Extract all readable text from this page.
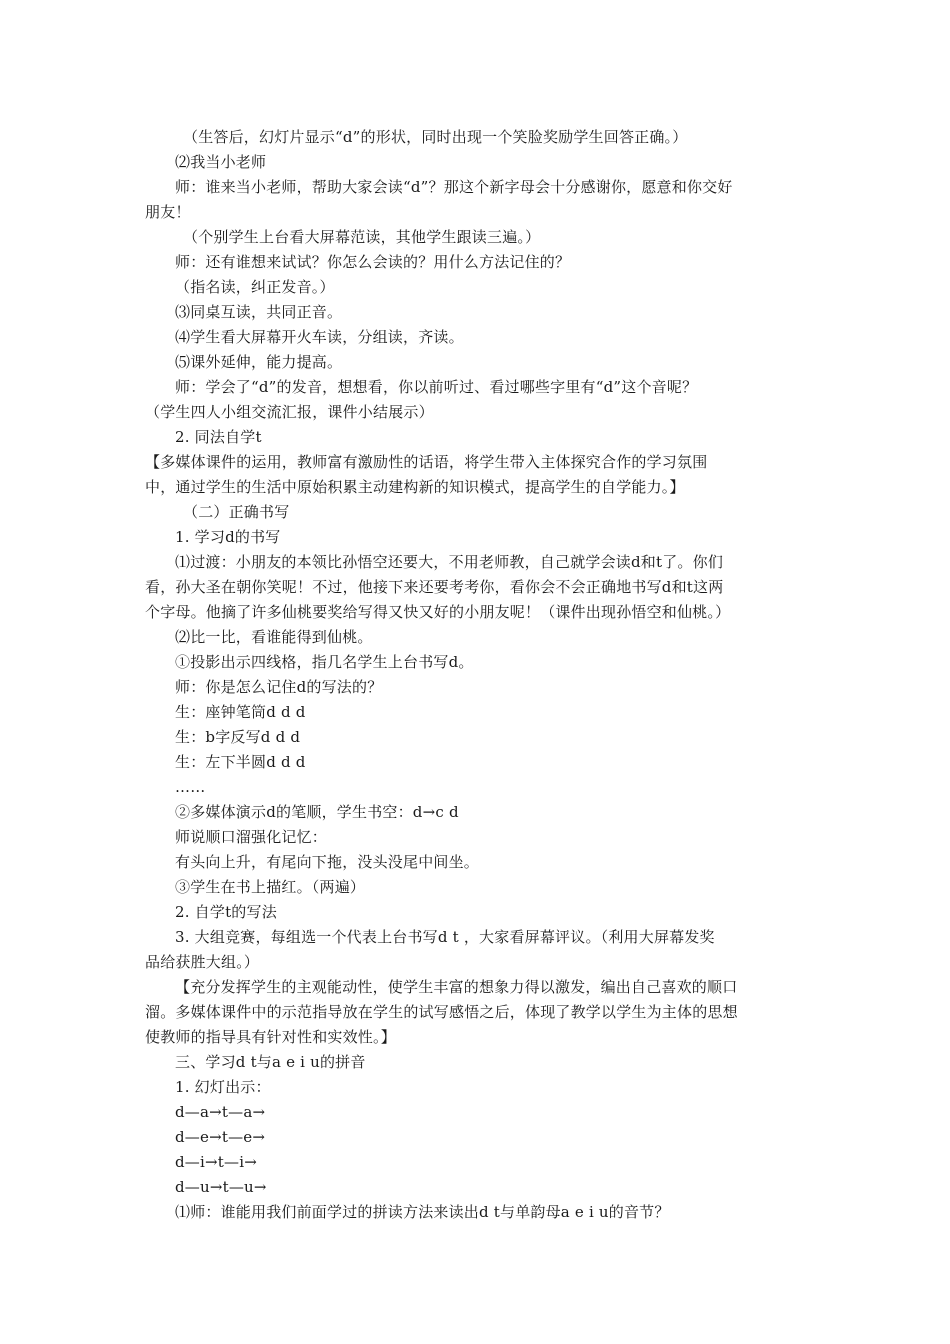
（生答后，幻灯片显示“d”的形状，同时出现一个笑脸奖励学生回答正确。）
⑵我当小老师
师：谁来当小老师，帮助大家会读“d”？那这个新字母会十分感谢你，愿意和你交好
朋友！
（个别学生上台看大屏幕范读，其他学生跟读三遍。）
师：还有谁想来试试？你怎么会读的？用什么方法记住的？
（指名读，纠正发音。）
⑶同桌互读，共同正音。
⑷学生看大屏幕开火车读，分组读，齐读。
⑸课外延伸，能力提高。
师：学会了“d”的发音，想想看，你以前听过、看过哪些字里有“d”这个音呢？
（学生四人小组交流汇报，课件小结展示）
2. 同法自学t
【多媒体课件的运用，教师富有激励性的话语，将学生带入主体探究合作的学习氛围
中，通过学生的生活中原始积累主动建构新的知识模式，提高学生的自学能力。】
（二）正确书写
1. 学习d的书写
⑴过渡：小朋友的本领比孙悟空还要大，不用老师教，自己就学会读d和t了。你们
看，孙大圣在朝你笑呢！不过，他接下来还要考考你，看你会不会正确地书写d和t这两
个字母。他摘了许多仙桃要奖给写得又快又好的小朋友呢！（课件出现孙悟空和仙桃。）
⑵比一比，看谁能得到仙桃。
①投影出示四线格，指几名学生上台书写d。
师：你是怎么记住d的写法的？
生：座钟笔筒d d d
生：b字反写d d d
生：左下半圆d d d
……
②多媒体演示d的笔顺，学生书空：d→c d
师说顺口溜强化记忆：
有头向上升，有尾向下拖，没头没尾中间坐。
③学生在书上描红。（两遍）
2. 自学t的写法
3. 大组竞赛，每组选一个代表上台书写d t ，大家看屏幕评议。（利用大屏幕发奖
品给获胜大组。）
【充分发挥学生的主观能动性，使学生丰富的想象力得以激发，编出自己喜欢的顺口
溜。多媒体课件中的示范指导放在学生的试写感悟之后，体现了教学以学生为主体的思想
使教师的指导具有针对性和实效性。】
三、学习d t与a e i u的拼音
1. 幻灯出示：
d—a→t—a→
d—e→t—e→
d—i→t—i→
d—u→t—u→
⑴师：谁能用我们前面学过的拼读方法来读出d t与单韵母a e i u的音节？
